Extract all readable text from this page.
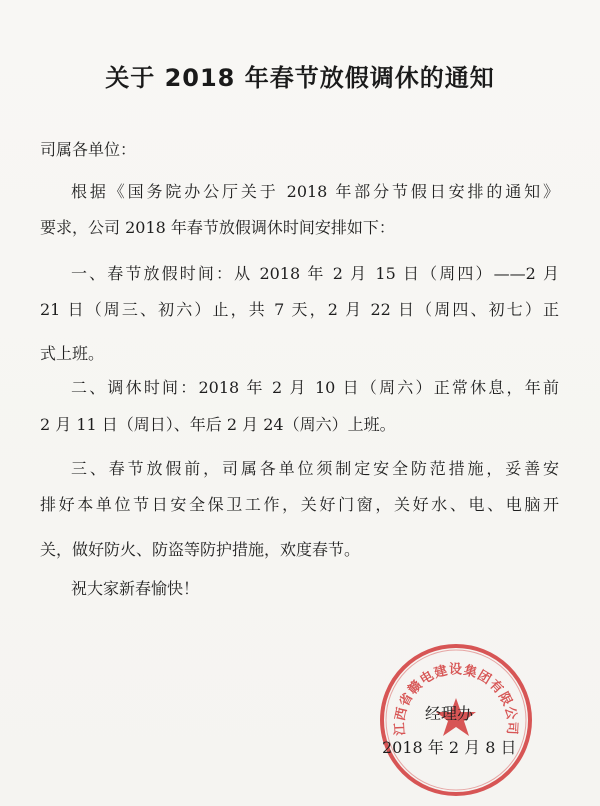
关于 2018 年春节放假调休的通知
司属各单位：
根据《国务院办公厅关于 2018 年部分节假日安排的通知》
要求，公司 2018 年春节放假调休时间安排如下：
一、春节放假时间：从 2018 年 2 月 15 日（周四）——2 月
21 日（周三、初六）止，共 7 天，2 月 22 日（周四、初七）正
式上班。
二、调休时间：2018 年 2 月 10 日（周六）正常休息，年前
2 月 11 日（周日）、年后 2 月 24（周六）上班。
三、春节放假前，司属各单位须制定安全防范措施，妥善安
排好本单位节日安全保卫工作，关好门窗，关好水、电、电脑开
关，做好防火、防盗等防护措施，欢度春节。
祝大家新春愉快！
江西省赣电建设集团有限公司
经理办
2018 年 2 月 8 日
